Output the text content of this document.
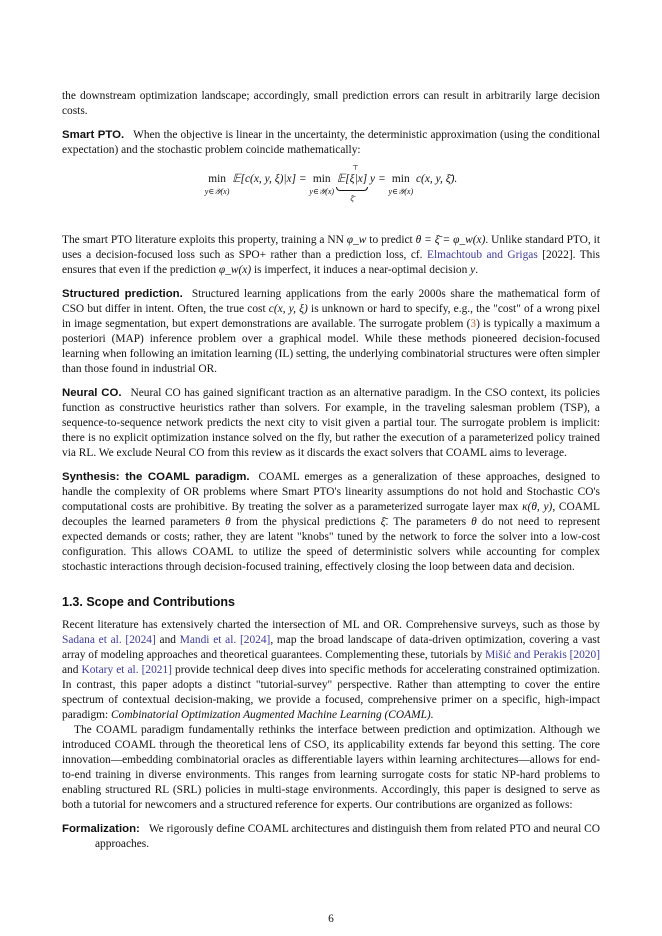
the downstream optimization landscape; accordingly, small prediction errors can result in arbitrarily large decision costs.

Smart PTO. When the objective is linear in the uncertainty, the deterministic approximation (using the conditional expectation) and the stochastic problem coincide mathematically:

min
y∈𝒴(x)

𝔼[c(x, y, ξ)|x]
=
min
y∈𝒴(x)

𝔼[ξ|x]
⊤
ξ̄

y
=
min
y∈𝒴(x)

c(x, y, ξ̄).

The smart PTO literature exploits this property, training a NN φ_w to predict θ = ξ̄ = φ_w(x). Unlike standard PTO, it uses a decision-focused loss such as SPO+ rather than a prediction loss, cf. Elmachtoub and Grigas [2022]. This ensures that even if the prediction φ_w(x) is imperfect, it induces a near-optimal decision y.

Structured prediction. Structured learning applications from the early 2000s share the mathematical form of CSO but differ in intent. Often, the true cost c(x, y, ξ) is unknown or hard to specify, e.g., the "cost" of a wrong pixel in image segmentation, but expert demonstrations are available. The surrogate problem (3) is typically a maximum a posteriori (MAP) inference problem over a graphical model. While these methods pioneered decision-focused learning when following an imitation learning (IL) setting, the underlying combinatorial structures were often simpler than those found in industrial OR.

Neural CO. Neural CO has gained significant traction as an alternative paradigm. In the CSO context, its policies function as constructive heuristics rather than solvers. For example, in the traveling salesman problem (TSP), a sequence-to-sequence network predicts the next city to visit given a partial tour. The surrogate problem is implicit: there is no explicit optimization instance solved on the fly, but rather the execution of a parameterized policy trained via RL. We exclude Neural CO from this review as it discards the exact solvers that COAML aims to leverage.

Synthesis: the COAML paradigm. COAML emerges as a generalization of these approaches, designed to handle the complexity of OR problems where Smart PTO's linearity assumptions do not hold and Stochastic CO's computational costs are prohibitive. By treating the solver as a parameterized surrogate layer max κ(θ, y), COAML decouples the learned parameters θ from the physical predictions ξ̄. The parameters θ do not need to represent expected demands or costs; rather, they are latent "knobs" tuned by the network to force the solver into a low-cost configuration. This allows COAML to utilize the speed of deterministic solvers while accounting for complex stochastic interactions through decision-focused training, effectively closing the loop between data and decision.

1.3. Scope and Contributions

Recent literature has extensively charted the intersection of ML and OR. Comprehensive surveys, such as those by Sadana et al. [2024] and Mandi et al. [2024], map the broad landscape of data-driven optimization, covering a vast array of modeling approaches and theoretical guarantees. Complementing these, tutorials by Mišić and Perakis [2020] and Kotary et al. [2021] provide technical deep dives into specific methods for accelerating constrained optimization. In contrast, this paper adopts a distinct "tutorial-survey" perspective. Rather than attempting to cover the entire spectrum of contextual decision-making, we provide a focused, comprehensive primer on a specific, high-impact paradigm: Combinatorial Optimization Augmented Machine Learning (COAML).

The COAML paradigm fundamentally rethinks the interface between prediction and optimization. Although we introduced COAML through the theoretical lens of CSO, its applicability extends far beyond this setting. The core innovation—embedding combinatorial oracles as differentiable layers within learning architectures—allows for end-to-end training in diverse environments. This ranges from learning surrogate costs for static NP-hard problems to enabling structured RL (SRL) policies in multi-stage environments. Accordingly, this paper is designed to serve as both a tutorial for newcomers and a structured reference for experts. Our contributions are organized as follows:

Formalization: We rigorously define COAML architectures and distinguish them from related PTO and neural CO approaches.

6
